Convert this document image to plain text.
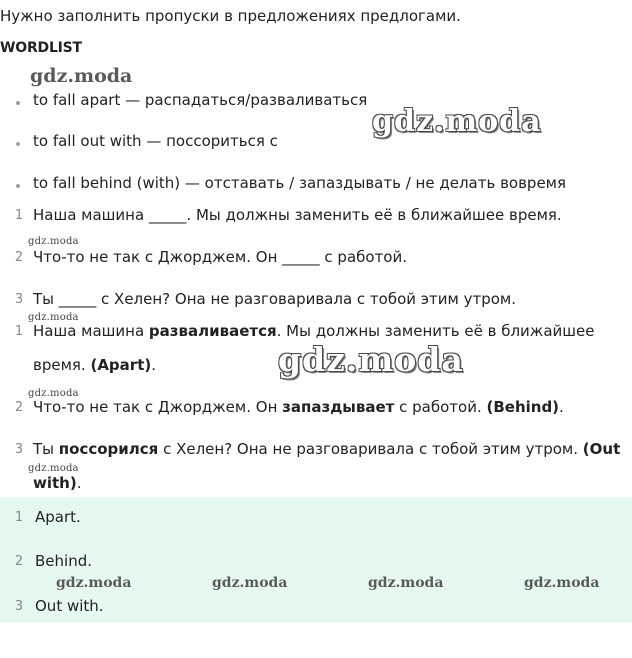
Нужно заполнить пропуски в предложениях предлогами.
WORDLIST
gdz.moda
to fall apart — распадаться/разваливаться
to fall out with — поссориться с
gdz.moda
to fall behind (with) — отставать / запаздывать / не делать вовремя
1 Наша машина _____. Мы должны заменить её в ближайшее время.
gdz.moda
2 Что-то не так с Джорджем. Он _____ с работой.
3 Ты _____ с Хелен? Она не разговаривала с тобой этим утром.
gdz.moda
1 Наша машина разваливается. Мы должны заменить её в ближайшее
время. (Apart).	gdz.moda
gdz.moda
2 Что-то не так с Джорджем. Он запаздывает с работой. (Behind).
3 Ты поссорился с Хелен? Она не разговаривала с тобой этим утром. (Out
gdz.moda
with).
1 Apart.
2 Behind.
gdz.moda	gdz.moda	gdz.moda	gdz.moda
3 Out with.
